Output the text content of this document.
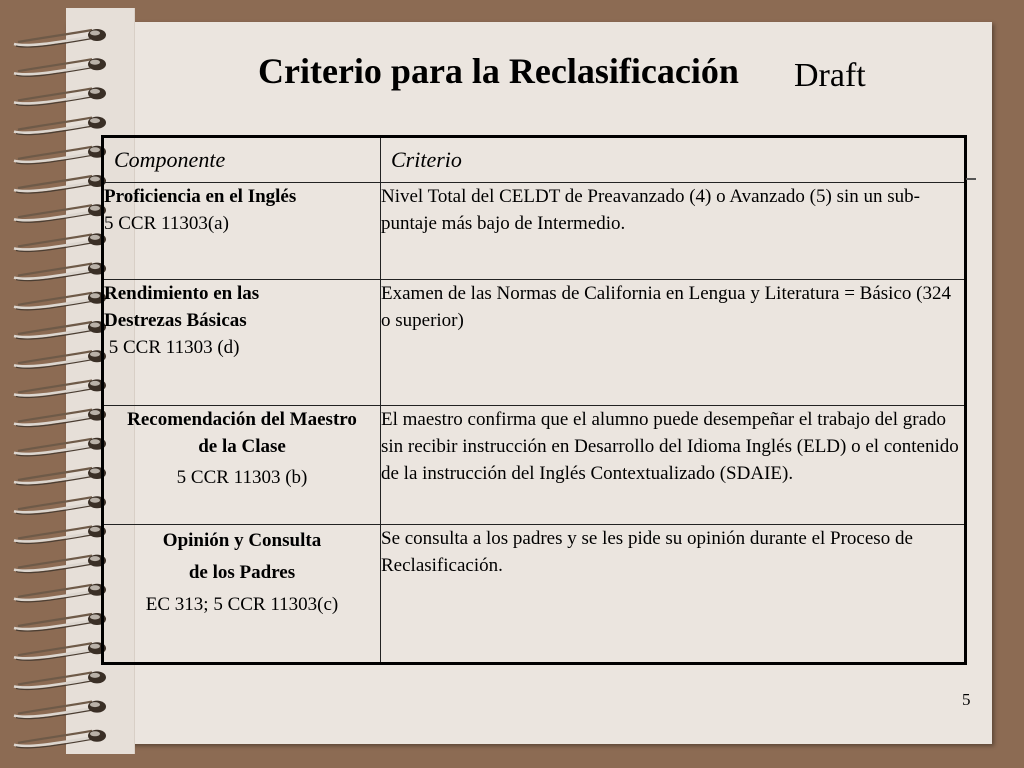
Criterio para la Reclasificación Draft
Componente	Criterio
Proficiencia en el Inglés
5 CCR 11303(a)	Nivel Total del CELDT de Preavanzado (4) o Avanzado (5) sin un sub-puntaje más bajo de Intermedio.

Rendimiento en las Destrezas Básicas
5 CCR 11303 (d)	Examen de las Normas de California en Lengua y Literatura = Básico (324 o superior)

Recomendación del Maestro de la Clase
5 CCR 11303 (b)	El maestro confirma que el alumno puede desempeñar el trabajo del grado sin recibir instrucción en Desarrollo del Idioma Inglés (ELD) o el contenido de la instrucción del Inglés Contextualizado (SDAIE).

Opinión y Consulta
de los Padres
EC 313; 5 CCR 11303(c)	Se consulta a los padres y se les pide su opinión durante el Proceso de Reclasificación.
5
